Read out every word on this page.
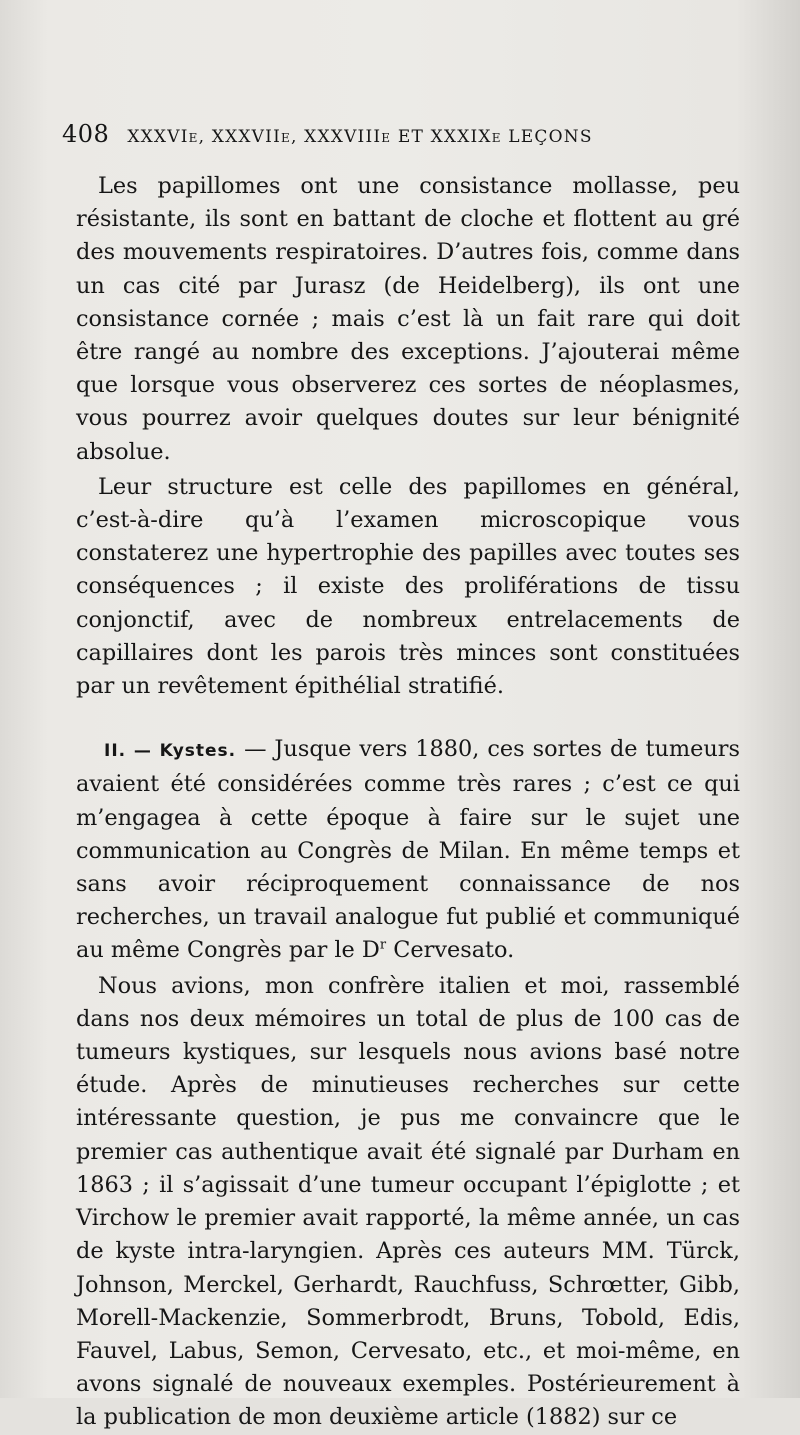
408 XXXVIe, XXXVIIe, XXXVIIIe ET XXXIXe LEÇONS

Les papillomes ont une consistance mollasse, peu résistante, ils sont en battant de cloche et flottent au gré des mouvements respiratoires. D’autres fois, comme dans un cas cité par Jurasz (de Heidelberg), ils ont une consistance cornée ; mais c’est là un fait rare qui doit être rangé au nombre des exceptions. J’ajouterai même que lorsque vous observerez ces sortes de néoplasmes, vous pourrez avoir quelques doutes sur leur bénignité absolue.

Leur structure est celle des papillomes en général, c’est-à-dire qu’à l’examen microscopique vous constaterez une hypertrophie des papilles avec toutes ses conséquences ; il existe des proliférations de tissu conjonctif, avec de nombreux entrelacements de capillaires dont les parois très minces sont constituées par un revêtement épithélial stratifié.

II. — Kystes. — Jusque vers 1880, ces sortes de tumeurs avaient été considérées comme très rares ; c’est ce qui m’engagea à cette époque à faire sur le sujet une communication au Congrès de Milan. En même temps et sans avoir réciproquement connaissance de nos recherches, un travail analogue fut publié et communiqué au même Congrès par le $D^r$ Cervesato.

Nous avions, mon confrère italien et moi, rassemblé dans nos deux mémoires un total de plus de 100 cas de tumeurs kystiques, sur lesquels nous avions basé notre étude. Après de minutieuses recherches sur cette intéressante question, je pus me convaincre que le premier cas authentique avait été signalé par Durham en 1863 ; il s’agissait d’une tumeur occupant l’épiglotte ; et Virchow le premier avait rapporté, la même année, un cas de kyste intra-laryngien. Après ces auteurs MM. Türck, Johnson, Merckel, Gerhardt, Rauchfuss, Schrœtter, Gibb, Morell-Mackenzie, Sommerbrodt, Bruns, Tobold, Edis, Fauvel, Labus, Semon, Cervesato, etc., et moi-même, en avons signalé de nouveaux exemples. Postérieurement à la publication de mon deuxième article (1882) sur ce
